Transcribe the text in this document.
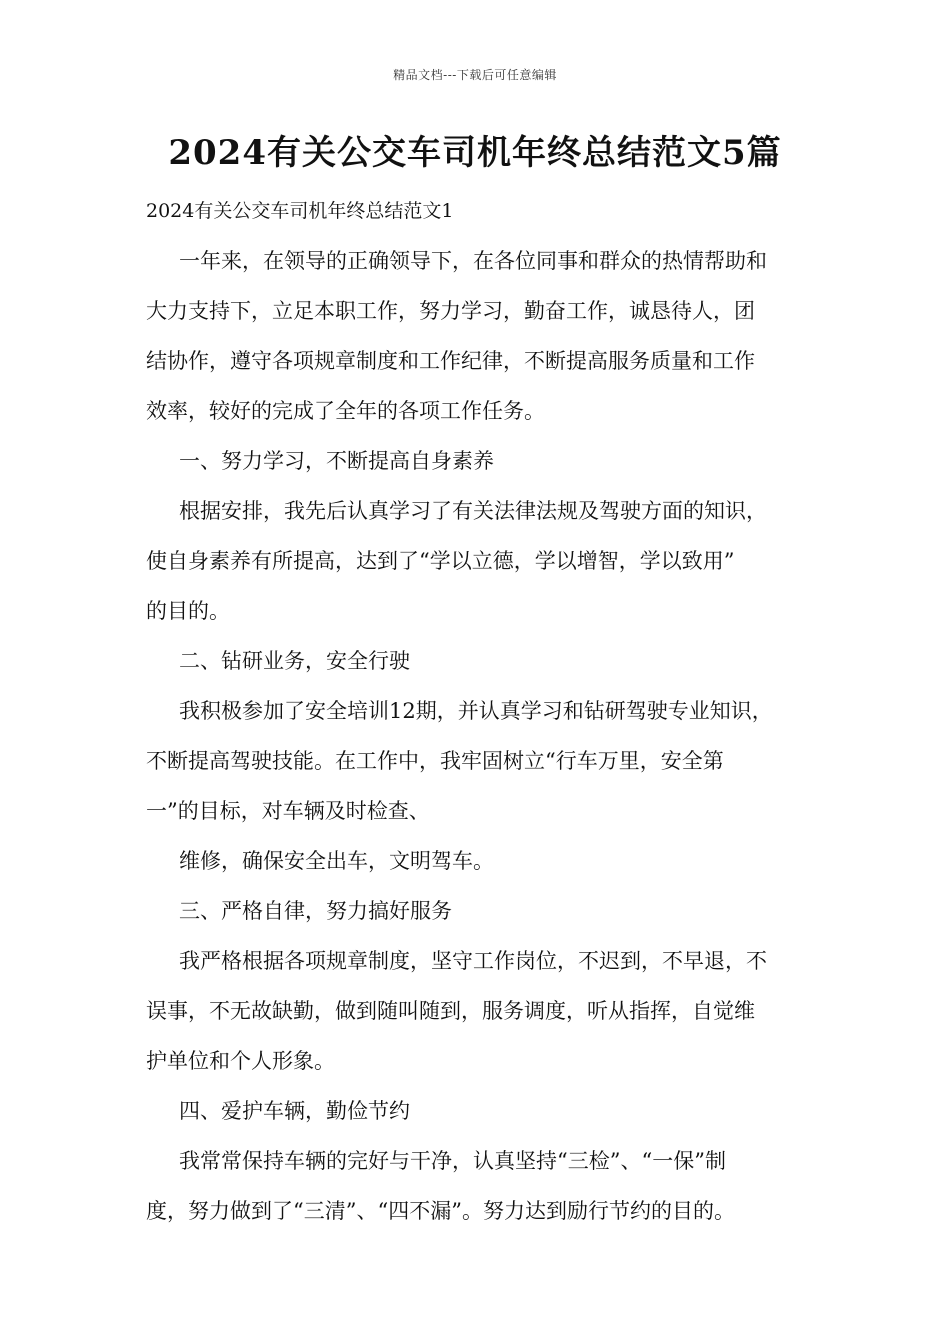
精品文档---下载后可任意编辑
2024有关公交车司机年终总结范文5篇
2024有关公交车司机年终总结范文1
一年来，在领导的正确领导下，在各位同事和群众的热情帮助和
大力支持下，立足本职工作，努力学习，勤奋工作，诚恳待人，团
结协作，遵守各项规章制度和工作纪律，不断提高服务质量和工作
效率，较好的完成了全年的各项工作任务。
一、努力学习，不断提高自身素养
根据安排，我先后认真学习了有关法律法规及驾驶方面的知识，
使自身素养有所提高，达到了“学以立德，学以增智，学以致用”
的目的。
二、钻研业务，安全行驶
我积极参加了安全培训12期，并认真学习和钻研驾驶专业知识，
不断提高驾驶技能。在工作中，我牢固树立“行车万里，安全第
一”的目标，对车辆及时检查、
维修，确保安全出车，文明驾车。
三、严格自律，努力搞好服务
我严格根据各项规章制度，坚守工作岗位，不迟到，不早退，不
误事，不无故缺勤，做到随叫随到，服务调度，听从指挥，自觉维
护单位和个人形象。
四、爱护车辆，勤俭节约
我常常保持车辆的完好与干净，认真坚持“三检”、“一保”制
度，努力做到了“三清”、“四不漏”。努力达到励行节约的目的。
